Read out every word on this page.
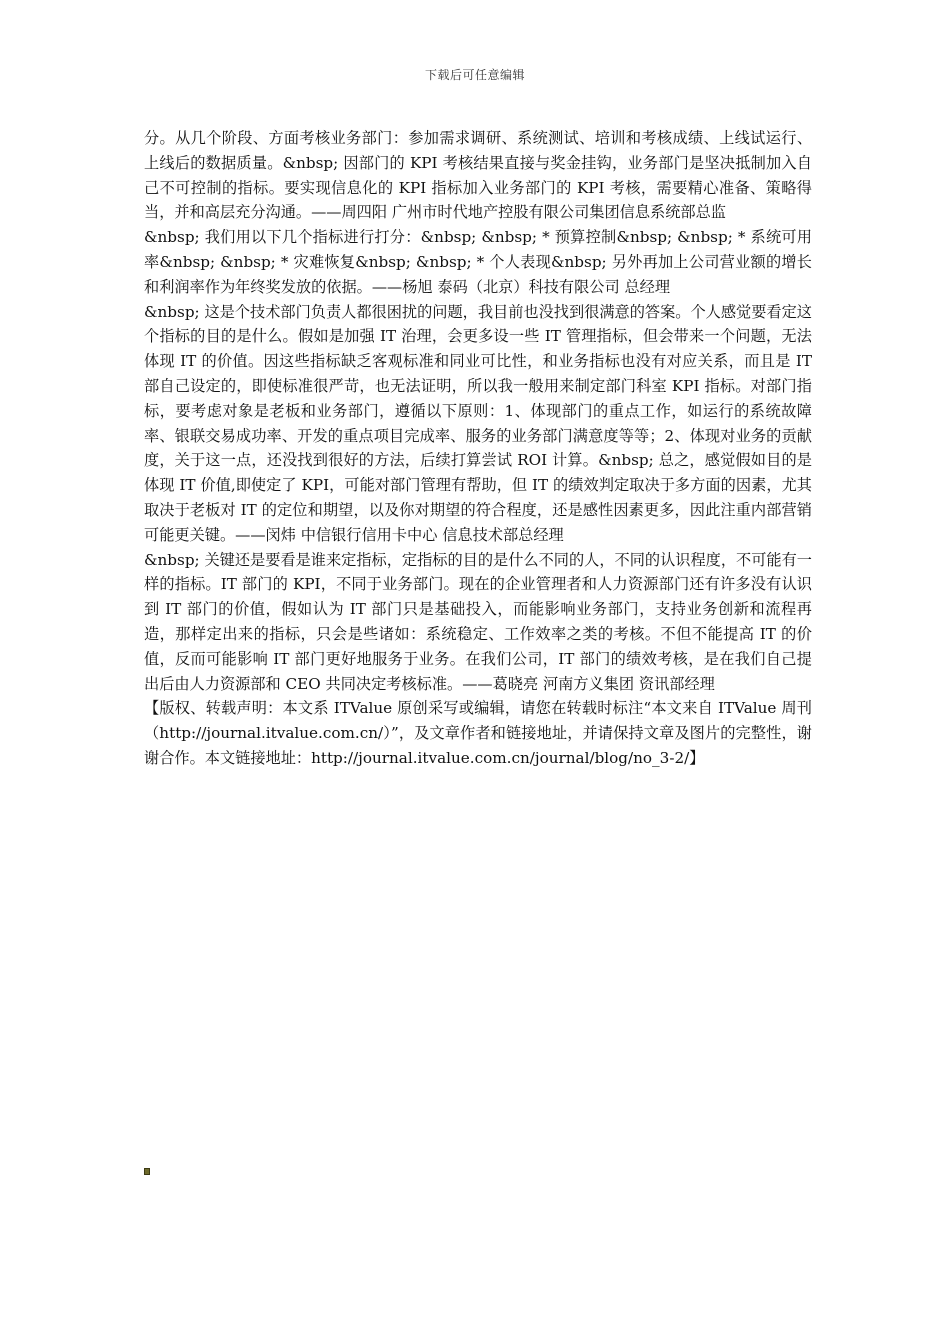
下载后可任意编辑

分。从几个阶段、方面考核业务部门：参加需求调研、系统测试、培训和考核成绩、上线试运行、上线后的数据质量。&nbsp; 因部门的 KPI 考核结果直接与奖金挂钩，业务部门是坚决抵制加入自己不可控制的指标。要实现信息化的 KPI 指标加入业务部门的 KPI 考核，需要精心准备、策略得当，并和高层充分沟通。——周四阳 广州市时代地产控股有限公司集团信息系统部总监

&nbsp; 我们用以下几个指标进行打分：&nbsp; &nbsp; * 预算控制&nbsp; &nbsp; * 系统可用率&nbsp; &nbsp; * 灾难恢复&nbsp; &nbsp; * 个人表现&nbsp; 另外再加上公司营业额的增长和利润率作为年终奖发放的依据。——杨旭 泰码（北京）科技有限公司 总经理

&nbsp; 这是个技术部门负责人都很困扰的问题，我目前也没找到很满意的答案。个人感觉要看定这个指标的目的是什么。假如是加强 IT 治理，会更多设一些 IT 管理指标，但会带来一个问题，无法体现 IT 的价值。因这些指标缺乏客观标准和同业可比性，和业务指标也没有对应关系，而且是 IT 部自己设定的，即使标准很严苛，也无法证明，所以我一般用来制定部门科室 KPI 指标。对部门指标，要考虑对象是老板和业务部门，遵循以下原则：1、体现部门的重点工作，如运行的系统故障率、银联交易成功率、开发的重点项目完成率、服务的业务部门满意度等等；2、体现对业务的贡献度，关于这一点，还没找到很好的方法，后续打算尝试 ROI 计算。&nbsp; 总之，感觉假如目的是体现 IT 价值,即使定了 KPI，可能对部门管理有帮助，但 IT 的绩效判定取决于多方面的因素，尤其取决于老板对 IT 的定位和期望，以及你对期望的符合程度，还是感性因素更多，因此注重内部营销可能更关键。——闵炜 中信银行信用卡中心 信息技术部总经理

&nbsp; 关键还是要看是谁来定指标，定指标的目的是什么不同的人，不同的认识程度，不可能有一样的指标。IT 部门的 KPI，不同于业务部门。现在的企业管理者和人力资源部门还有许多没有认识到 IT 部门的价值，假如认为 IT 部门只是基础投入，而能影响业务部门，支持业务创新和流程再造，那样定出来的指标，只会是些诸如：系统稳定、工作效率之类的考核。不但不能提高 IT 的价值，反而可能影响 IT 部门更好地服务于业务。在我们公司，IT 部门的绩效考核，是在我们自己提出后由人力资源部和 CEO 共同决定考核标准。——葛晓亮 河南方义集团 资讯部经理

【版权、转载声明：本文系 ITValue 原创采写或编辑，请您在转载时标注“本文来自 ITValue 周刊（http://journal.itvalue.com.cn/）”，及文章作者和链接地址，并请保持文章及图片的完整性，谢谢合作。本文链接地址：http://journal.itvalue.com.cn/journal/blog/no_3-2/】
